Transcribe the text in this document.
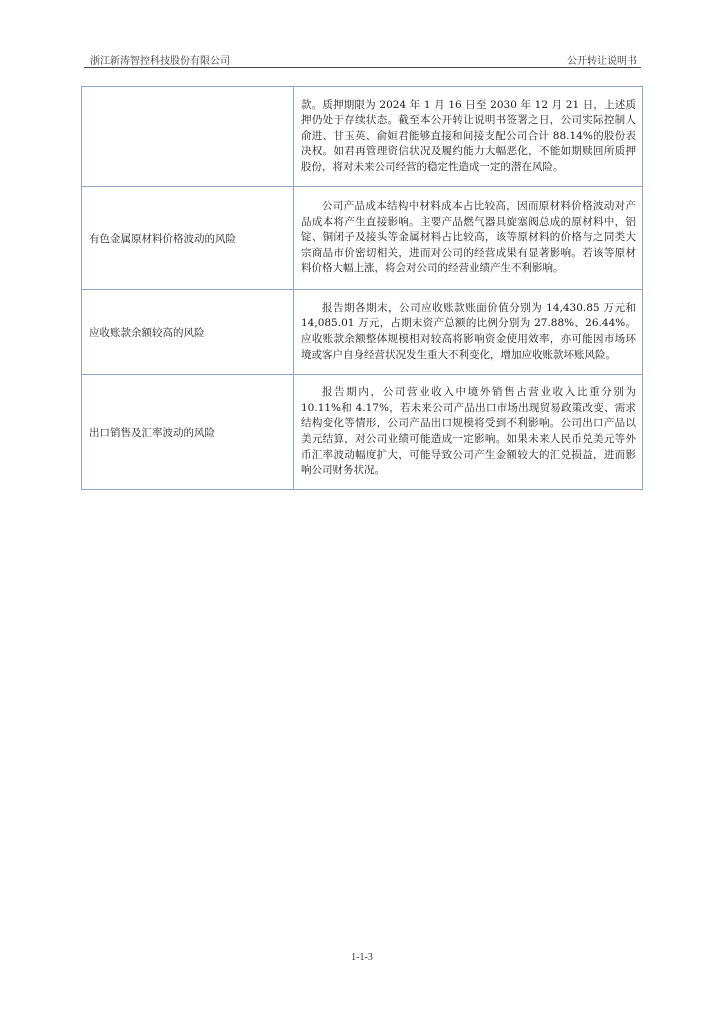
浙江新涛智控科技股份有限公司	公开转让说明书
	款。质押期限为 2024 年 1 月 16 日至 2030 年 12 月 21 日，上述质押仍处于存续状态。截至本公开转让说明书签署之日，公司实际控制人俞进、甘玉英、俞姮君能够直接和间接支配公司合计 88.14%的股份表决权。如君再管理资信状况及履约能力大幅恶化，不能如期赎回所质押股份，将对未来公司经营的稳定性造成一定的潜在风险。
有色金属原材料价格波动的风险	公司产品成本结构中材料成本占比较高，因而原材料价格波动对产品成本将产生直接影响。主要产品燃气器具旋塞阀总成的原材料中，铝锭、铜闭子及接头等金属材料占比较高，该等原材料的价格与之同类大宗商品市价密切相关，进而对公司的经营成果有显著影响。若该等原材料价格大幅上涨，将会对公司的经营业绩产生不利影响。
应收账款余额较高的风险	报告期各期末，公司应收账款账面价值分别为 14,430.85 万元和 14,085.01 万元，占期末资产总额的比例分别为 27.88%、26.44%。应收账款余额整体规模相对较高将影响资金使用效率，亦可能因市场环境或客户自身经营状况发生重大不利变化，增加应收账款坏账风险。
出口销售及汇率波动的风险	报告期内，公司营业收入中境外销售占营业收入比重分别为 10.11%和 4.17%，若未来公司产品出口市场出现贸易政策改变、需求结构变化等情形，公司产品出口规模将受到不利影响。公司出口产品以美元结算，对公司业绩可能造成一定影响。如果未来人民币兑美元等外币汇率波动幅度扩大，可能导致公司产生金额较大的汇兑损益，进而影响公司财务状况。
1-1-3
